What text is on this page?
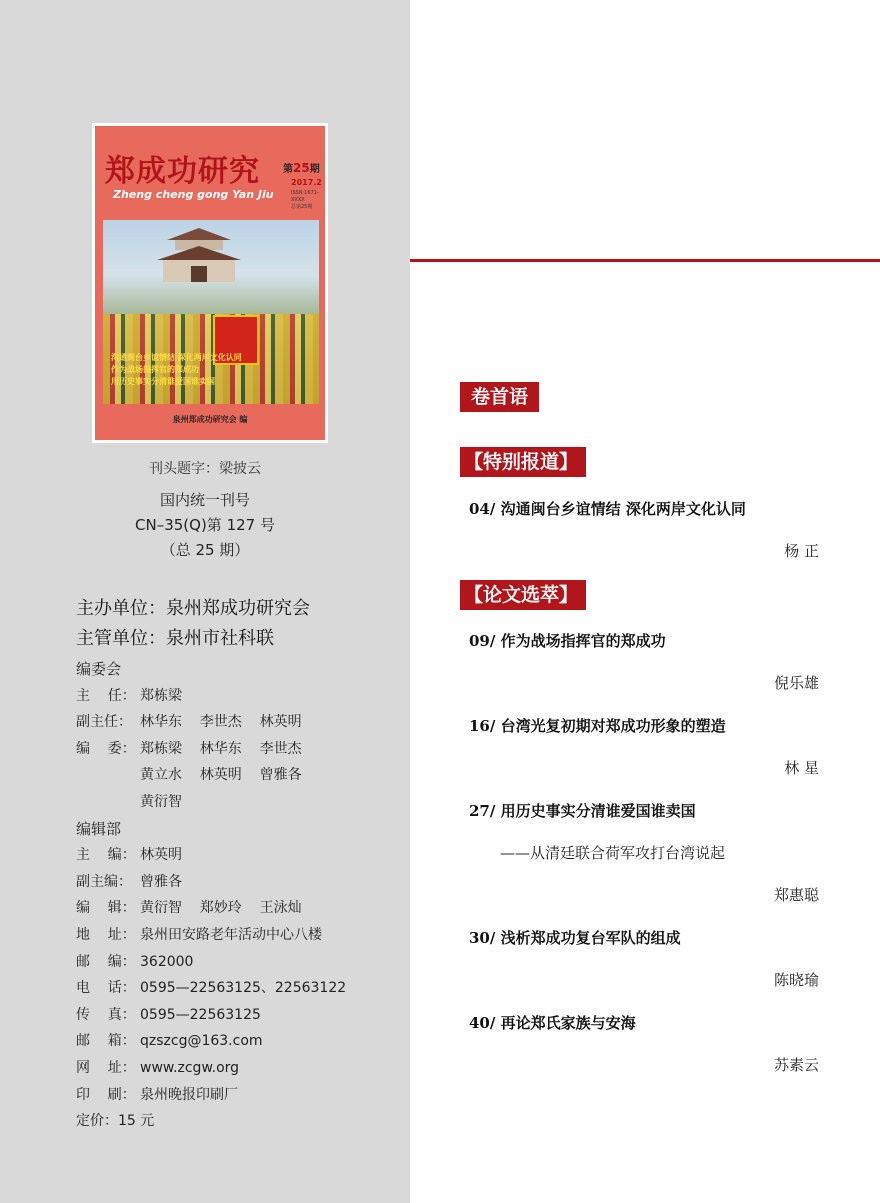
郑成功研究 第25期
2017.2
ISSN 1671-XXXX
总第25期
Zheng cheng gong Yan Jiu
沟通闽台乡谊情结 深化两岸文化认同
作为战场指挥官的郑成功
用历史事实分清谁爱国谁卖国
泉州郑成功研究会 编
刊头题字：梁披云
国内统一刊号
CN–35(Q)第 127 号
（总 25 期）
主办单位：泉州郑成功研究会
主管单位：泉州市社科联
编委会
主    任： 郑栋梁
副主任： 林华东    李世杰    林英明
编    委： 郑栋梁    林华东    李世杰
黄立水    林英明    曾雅各
黄衍智
编辑部
主    编： 林英明
副主编： 曾雅各
编    辑： 黄衍智    郑妙玲    王泳灿
地    址： 泉州田安路老年活动中心八楼
邮    编： 362000
电    话： 0595—22563125、22563122
传    真： 0595—22563125
邮    箱： qzszcg@163.com
网    址： www.zcgw.org
印    刷： 泉州晚报印刷厂
定价：15 元
卷首语
【特别报道】
【论文选萃】
04/ 沟通闽台乡谊情结 深化两岸文化认同
杨 正
09/ 作为战场指挥官的郑成功
倪乐雄
16/ 台湾光复初期对郑成功形象的塑造
林 星
27/ 用历史事实分清谁爱国谁卖国
——从清廷联合荷军攻打台湾说起
郑惠聪
30/ 浅析郑成功复台军队的组成
陈晓瑜
40/ 再论郑氏家族与安海
苏素云
